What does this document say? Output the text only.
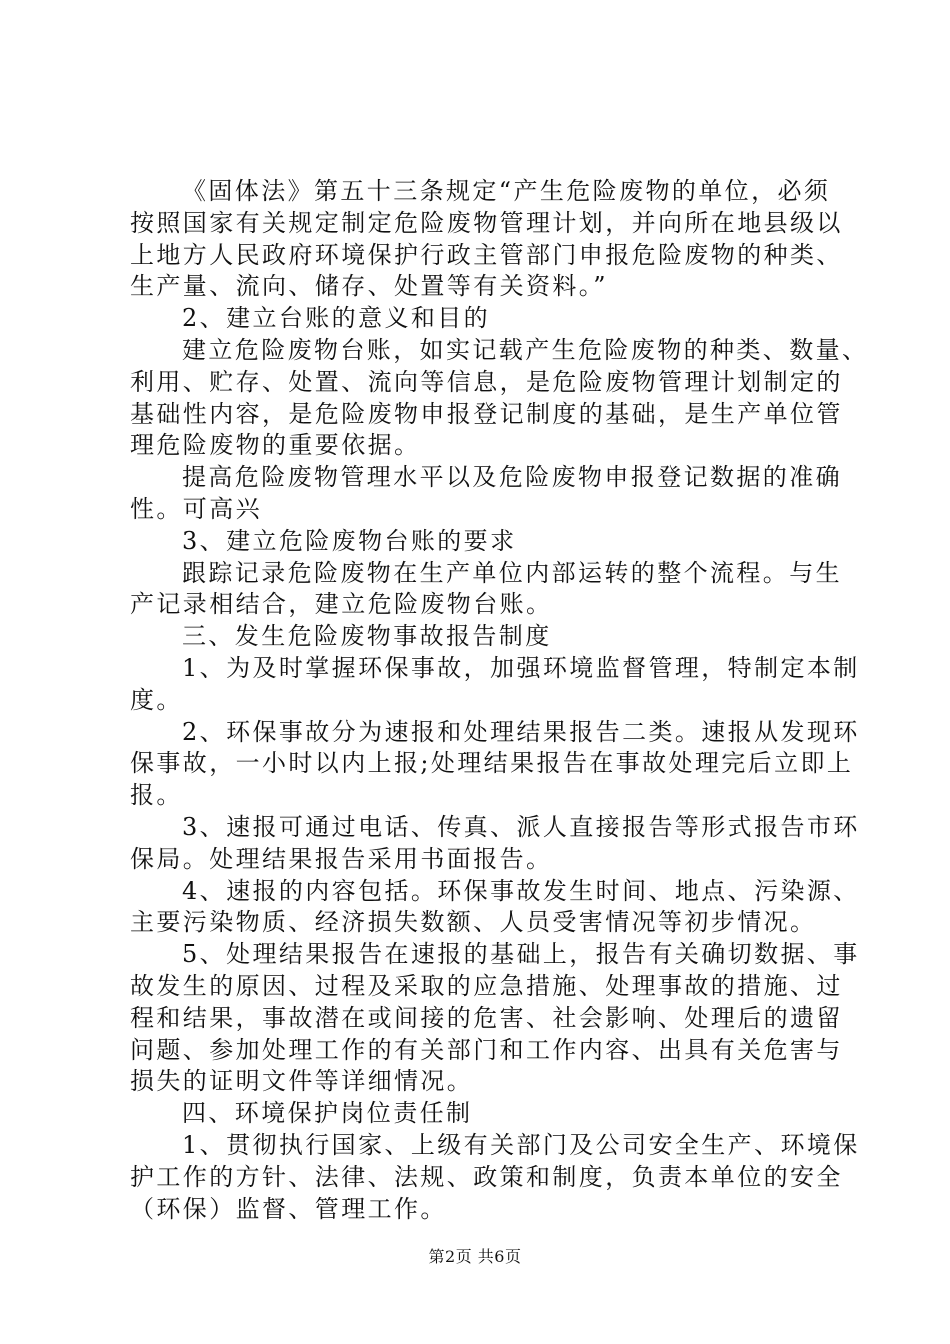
《固体法》第五十三条规定“产生危险废物的单位，必须
按照国家有关规定制定危险废物管理计划，并向所在地县级以
上地方人民政府环境保护行政主管部门申报危险废物的种类、
生产量、流向、储存、处置等有关资料。”
2、建立台账的意义和目的
建立危险废物台账，如实记载产生危险废物的种类、数量、
利用、贮存、处置、流向等信息，是危险废物管理计划制定的
基础性内容，是危险废物申报登记制度的基础，是生产单位管
理危险废物的重要依据。
提高危险废物管理水平以及危险废物申报登记数据的准确
性。可高兴
3、建立危险废物台账的要求
跟踪记录危险废物在生产单位内部运转的整个流程。与生
产记录相结合，建立危险废物台账。
三、发生危险废物事故报告制度
1、为及时掌握环保事故，加强环境监督管理，特制定本制
度。
2、环保事故分为速报和处理结果报告二类。速报从发现环
保事故，一小时以内上报;处理结果报告在事故处理完后立即上
报。
3、速报可通过电话、传真、派人直接报告等形式报告市环
保局。处理结果报告采用书面报告。
4、速报的内容包括。环保事故发生时间、地点、污染源、
主要污染物质、经济损失数额、人员受害情况等初步情况。
5、处理结果报告在速报的基础上，报告有关确切数据、事
故发生的原因、过程及采取的应急措施、处理事故的措施、过
程和结果，事故潜在或间接的危害、社会影响、处理后的遗留
问题、参加处理工作的有关部门和工作内容、出具有关危害与
损失的证明文件等详细情况。
四、环境保护岗位责任制
1、贯彻执行国家、上级有关部门及公司安全生产、环境保
护工作的方针、法律、法规、政策和制度，负责本单位的安全
（环保）监督、管理工作。
第2页 共6页
